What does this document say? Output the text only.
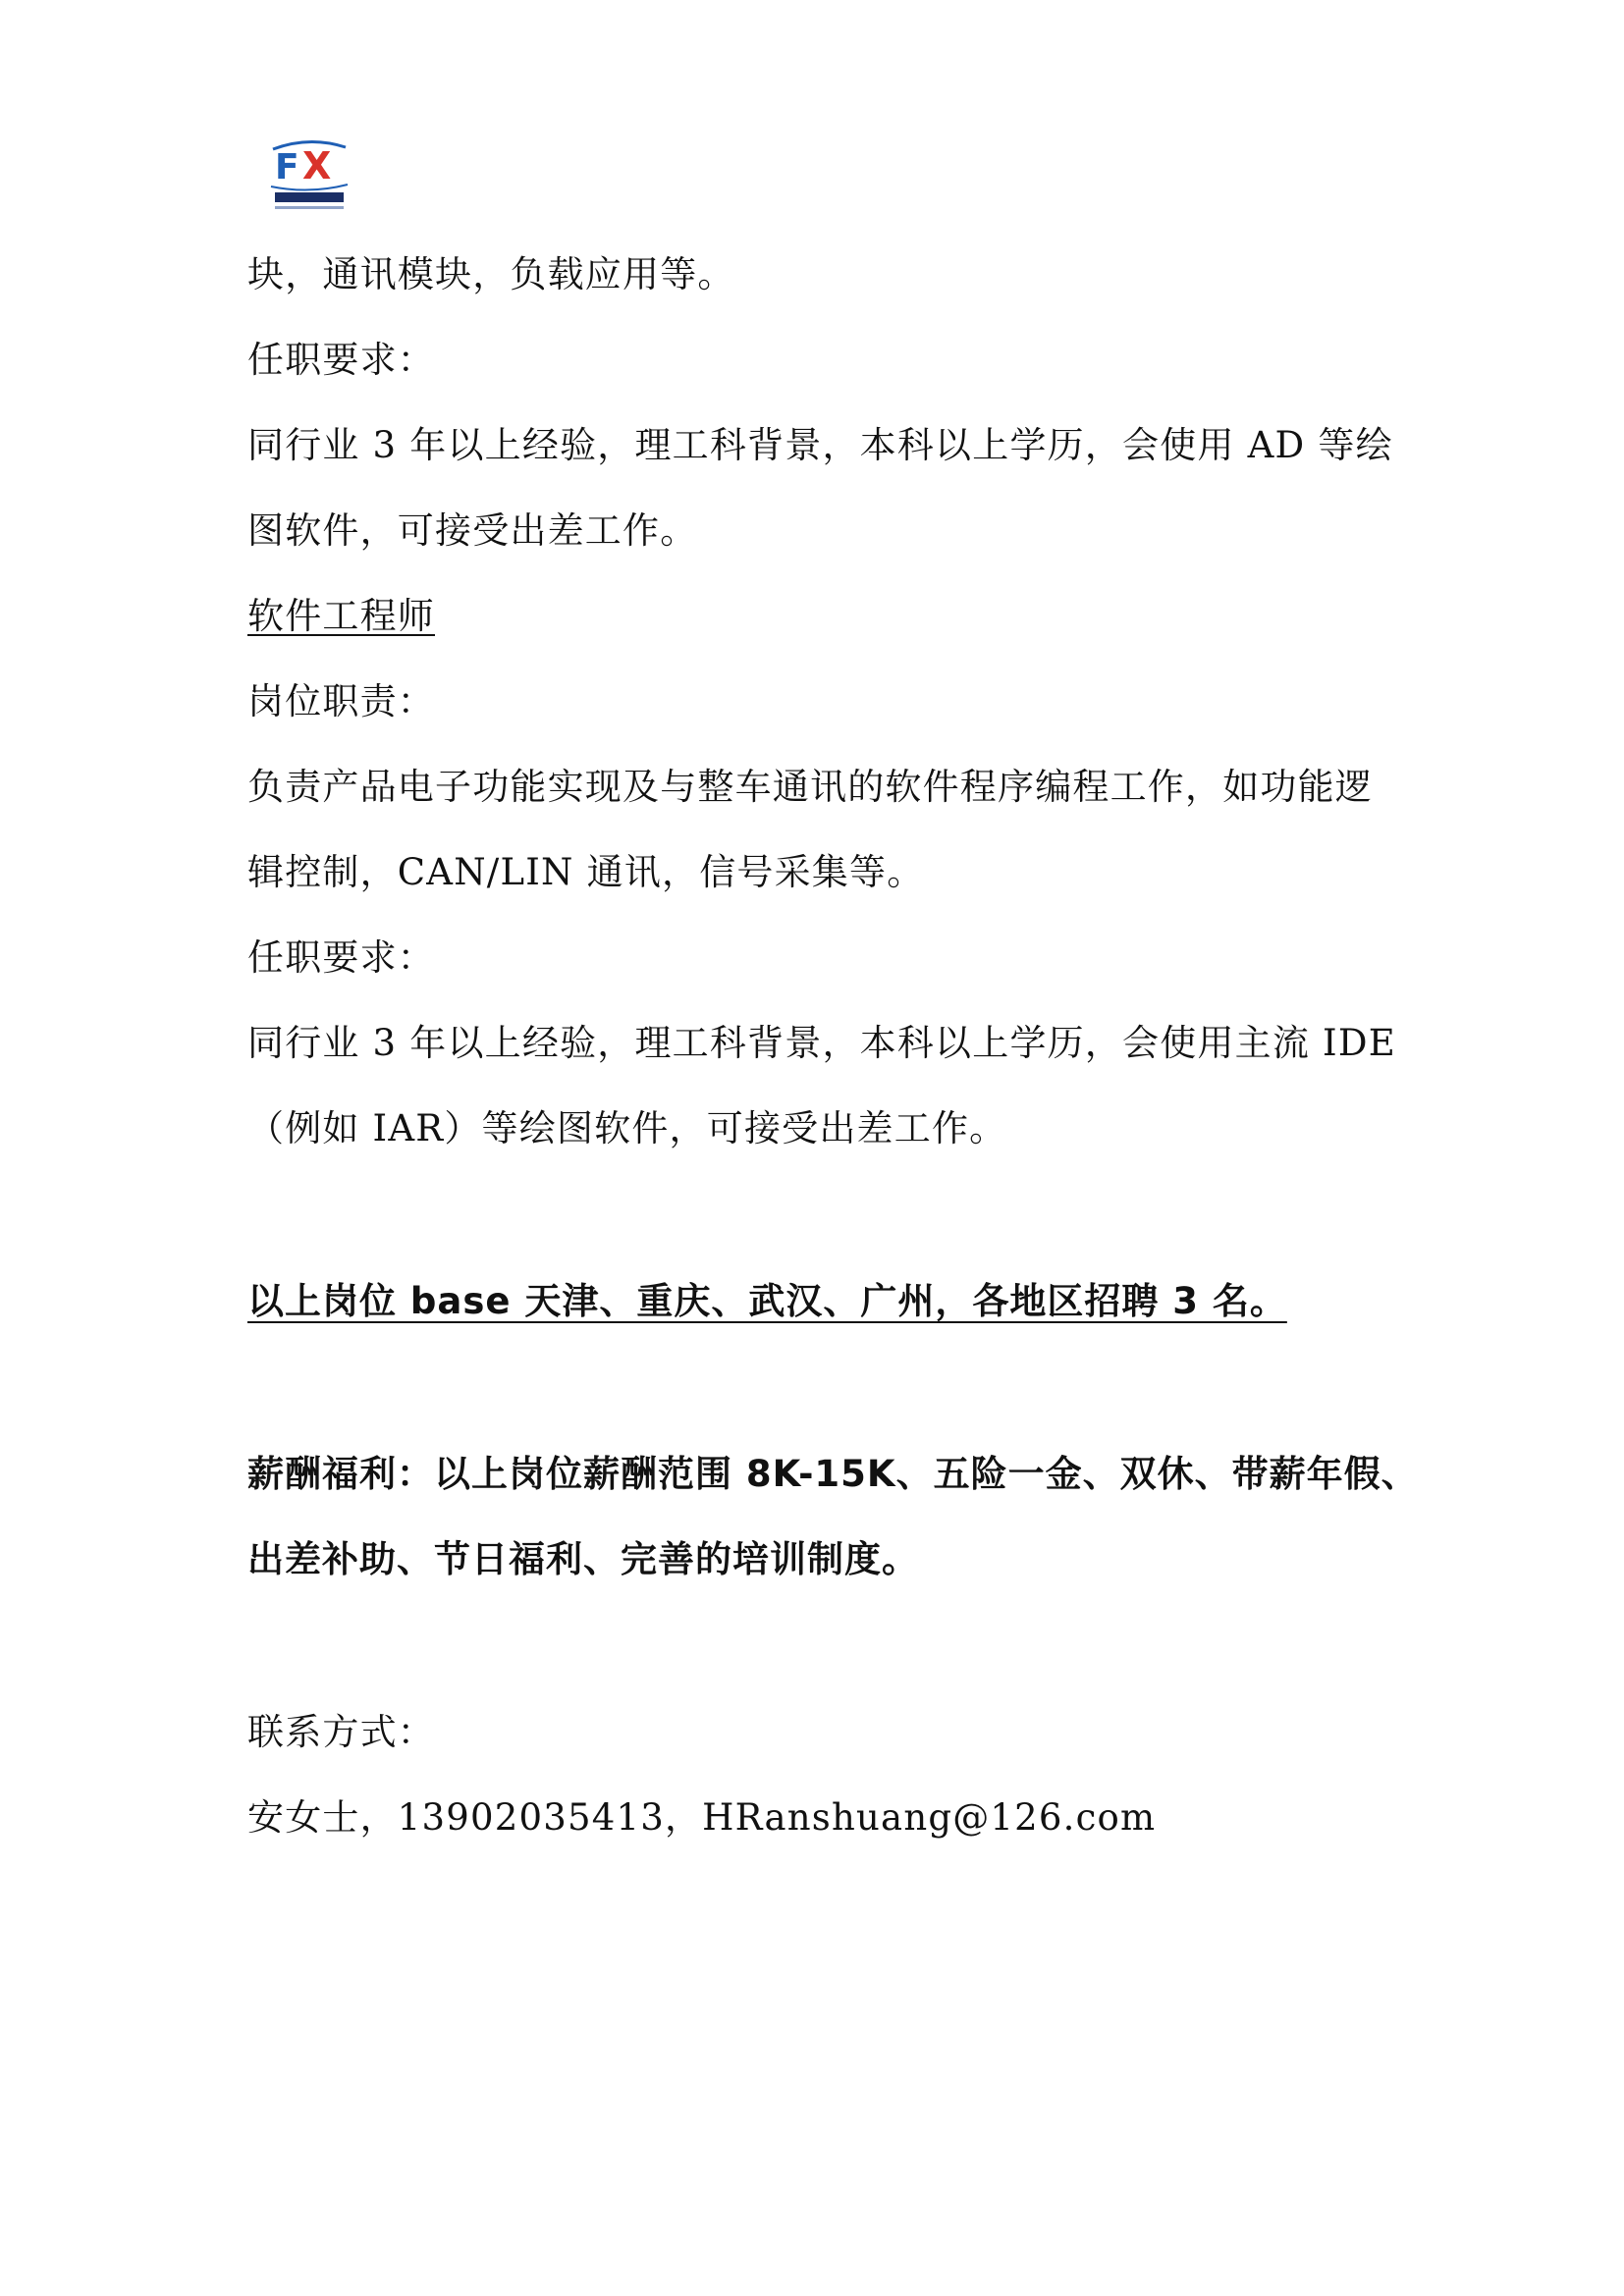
F X

块，通讯模块，负载应用等。

任职要求：

同行业 3 年以上经验，理工科背景，本科以上学历，会使用 AD 等绘

图软件，可接受出差工作。

软件工程师

岗位职责：

负责产品电子功能实现及与整车通讯的软件程序编程工作，如功能逻

辑控制，CAN/LIN 通讯，信号采集等。

任职要求：

同行业 3 年以上经验，理工科背景，本科以上学历，会使用主流 IDE

（例如 IAR）等绘图软件，可接受出差工作。

以上岗位 base 天津、重庆、武汉、广州，各地区招聘 3 名。

薪酬福利：以上岗位薪酬范围 8K-15K、五险一金、双休、带薪年假、

出差补助、节日福利、完善的培训制度。

联系方式：

安女士，13902035413，HRanshuang@126.com
